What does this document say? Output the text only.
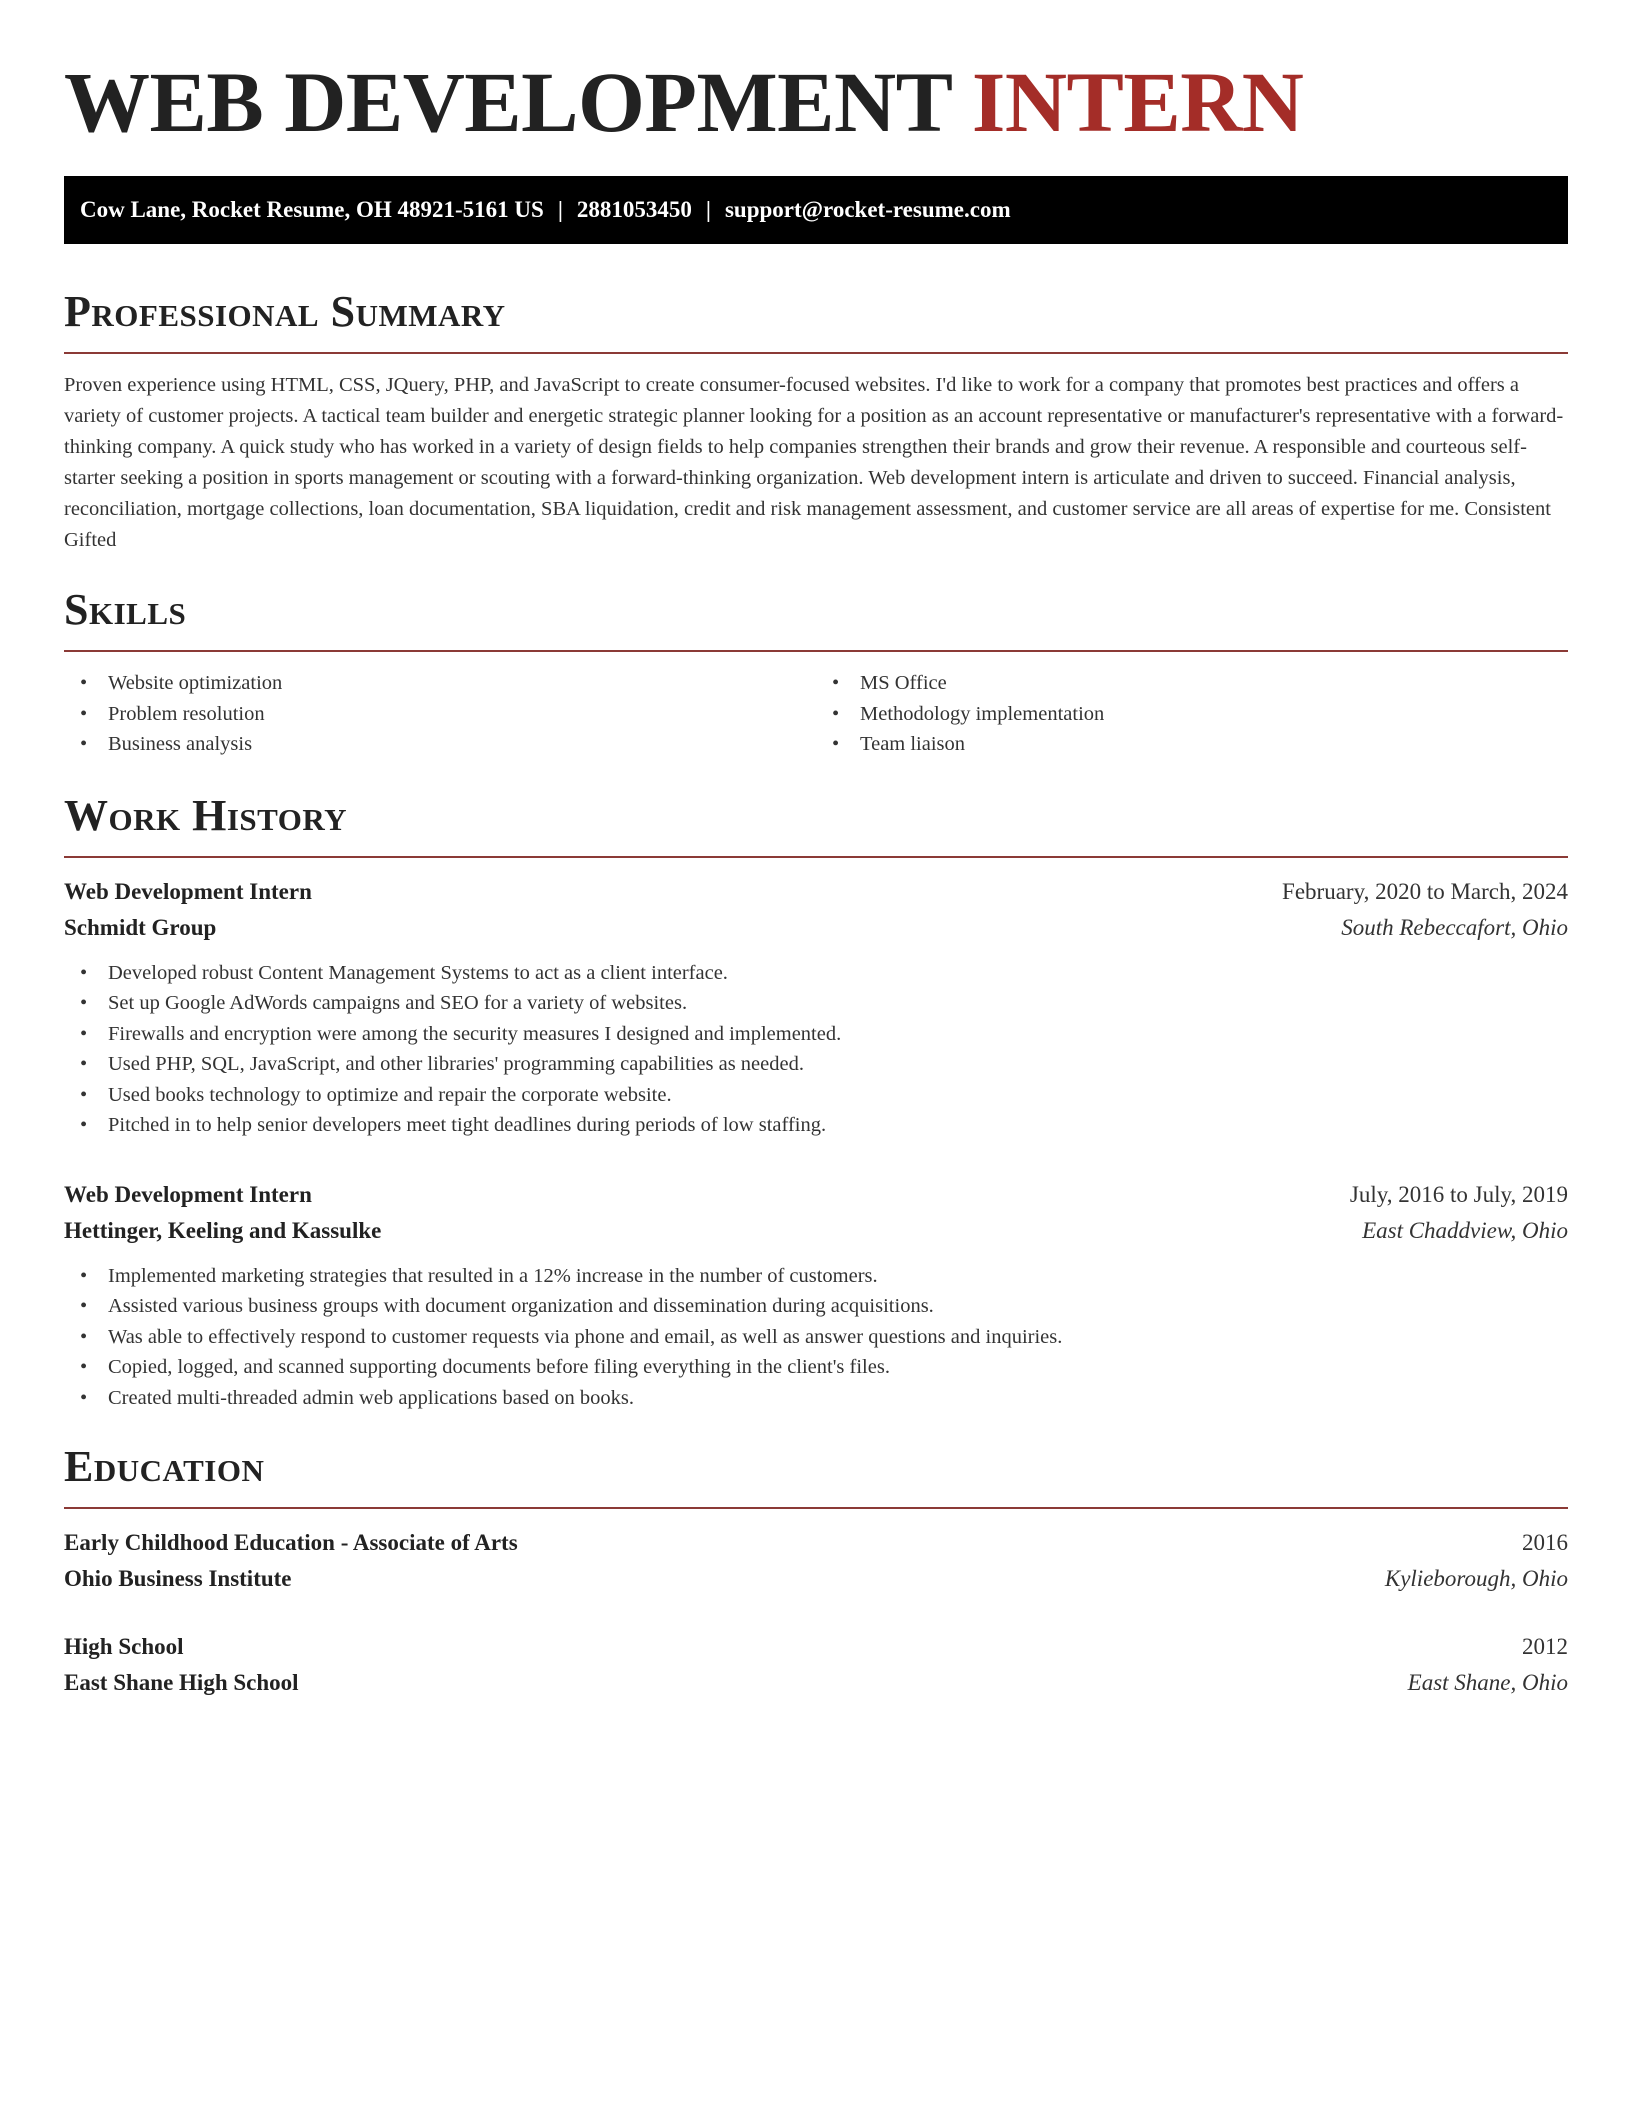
WEB DEVELOPMENT INTERN
Cow Lane, Rocket Resume, OH 48921-5161 US | 2881053450 | support@rocket-resume.com
Professional Summary

Proven experience using HTML, CSS, JQuery, PHP, and JavaScript to create consumer-focused websites. I'd like to work for a company that promotes best practices and offers a variety of customer projects. A tactical team builder and energetic strategic planner looking for a position as an account representative or manufacturer's representative with a forward-thinking company. A quick study who has worked in a variety of design fields to help companies strengthen their brands and grow their revenue. A responsible and courteous self-starter seeking a position in sports management or scouting with a forward-thinking organization. Web development intern is articulate and driven to succeed. Financial analysis, reconciliation, mortgage collections, loan documentation, SBA liquidation, credit and risk management assessment, and customer service are all areas of expertise for me. Consistent Gifted

Skills
• Website optimization
• Problem resolution
• Business analysis
• MS Office
• Methodology implementation
• Team liaison
Work History
Web Development Intern	February, 2020 to March, 2024
Schmidt Group	South Rebeccafort, Ohio
• Developed robust Content Management Systems to act as a client interface.
• Set up Google AdWords campaigns and SEO for a variety of websites.
• Firewalls and encryption were among the security measures I designed and implemented.
• Used PHP, SQL, JavaScript, and other libraries' programming capabilities as needed.
• Used books technology to optimize and repair the corporate website.
• Pitched in to help senior developers meet tight deadlines during periods of low staffing.
Web Development Intern	July, 2016 to July, 2019
Hettinger, Keeling and Kassulke	East Chaddview, Ohio
• Implemented marketing strategies that resulted in a 12% increase in the number of customers.
• Assisted various business groups with document organization and dissemination during acquisitions.
• Was able to effectively respond to customer requests via phone and email, as well as answer questions and inquiries.
• Copied, logged, and scanned supporting documents before filing everything in the client's files.
• Created multi-threaded admin web applications based on books.
Education
Early Childhood Education - Associate of Arts	2016
Ohio Business Institute	Kylieborough, Ohio
High School	2012
East Shane High School	East Shane, Ohio
